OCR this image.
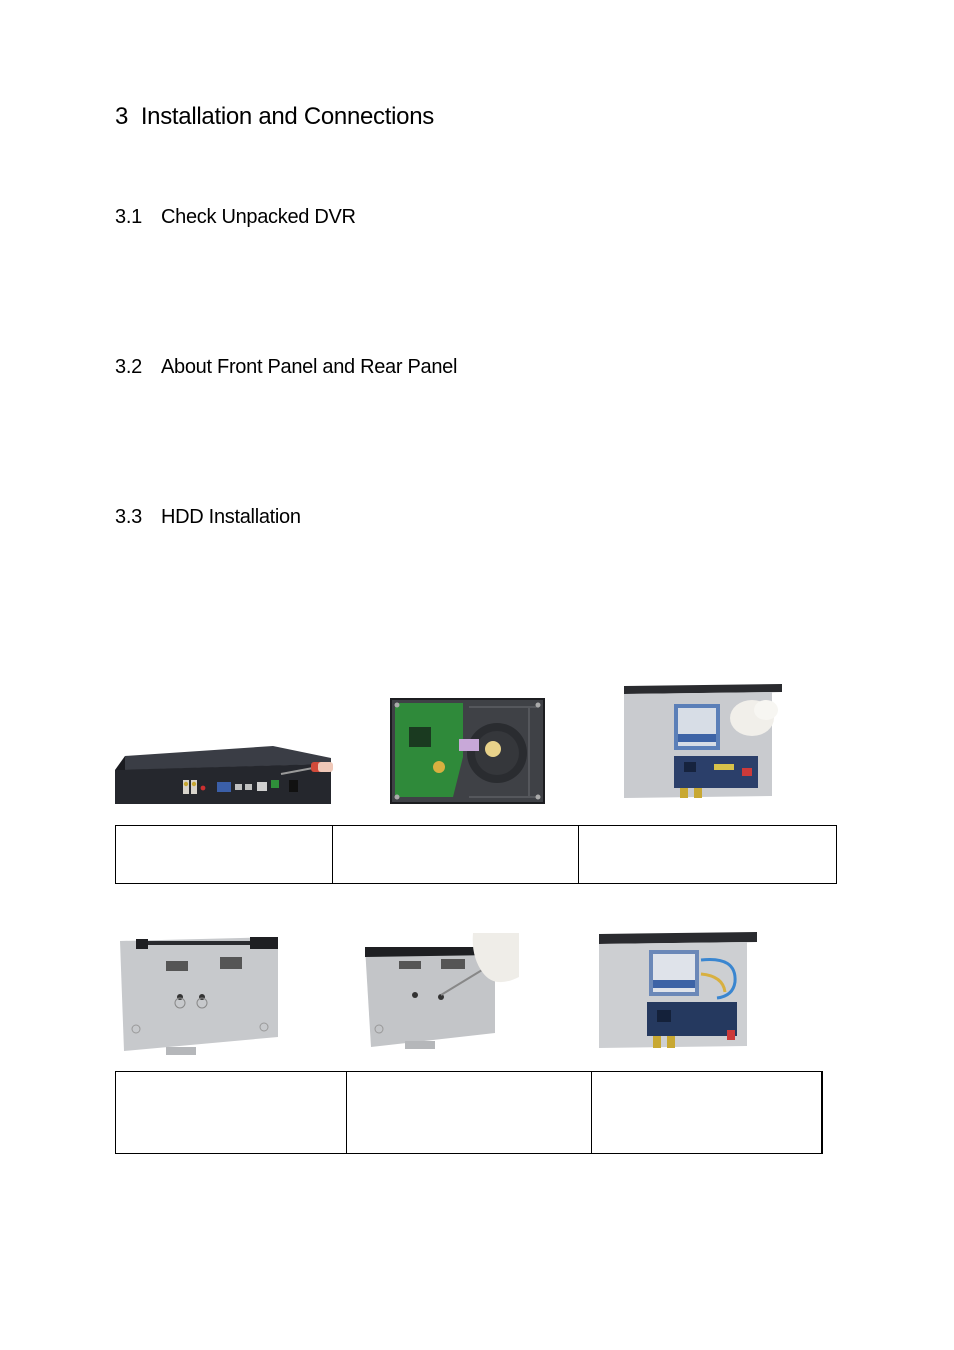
3 Installation and Connections
3.1 Check Unpacked DVR
3.2 About Front Panel and Rear Panel
3.3 HDD Installation
